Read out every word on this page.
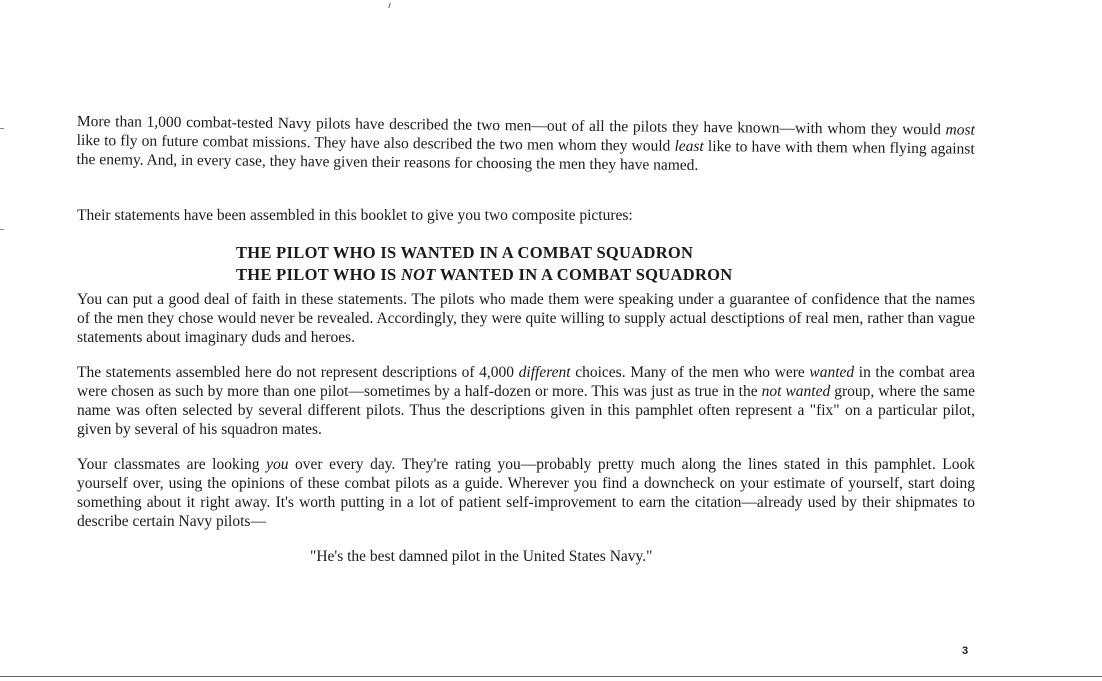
More than 1,000 combat-tested Navy pilots have described the two men—out of all the pilots they have known—with whom they would most like to fly on future combat missions. They have also described the two men whom they would least like to have with them when flying against the enemy. And, in every case, they have given their reasons for choosing the men they have named.

Their statements have been assembled in this booklet to give you two composite pictures:

THE PILOT WHO IS WANTED IN A COMBAT SQUADRON

THE PILOT WHO IS NOT WANTED IN A COMBAT SQUADRON

You can put a good deal of faith in these statements. The pilots who made them were speaking under a guarantee of confidence that the names of the men they chose would never be revealed. Accordingly, they were quite willing to supply actual desctiptions of real men, rather than vague statements about imaginary duds and heroes.

The statements assembled here do not represent descriptions of 4,000 different choices. Many of the men who were wanted in the combat area were chosen as such by more than one pilot—sometimes by a half-dozen or more. This was just as true in the not wanted group, where the same name was often selected by several different pilots. Thus the descriptions given in this pamphlet often represent a "fix" on a particular pilot, given by several of his squadron mates.

Your classmates are looking you over every day. They're rating you—probably pretty much along the lines stated in this pamphlet. Look yourself over, using the opinions of these combat pilots as a guide. Wherever you find a downcheck on your estimate of yourself, start doing something about it right away. It's worth putting in a lot of patient self-improvement to earn the citation—already used by their shipmates to describe certain Navy pilots—

"He's the best damned pilot in the United States Navy."

3
